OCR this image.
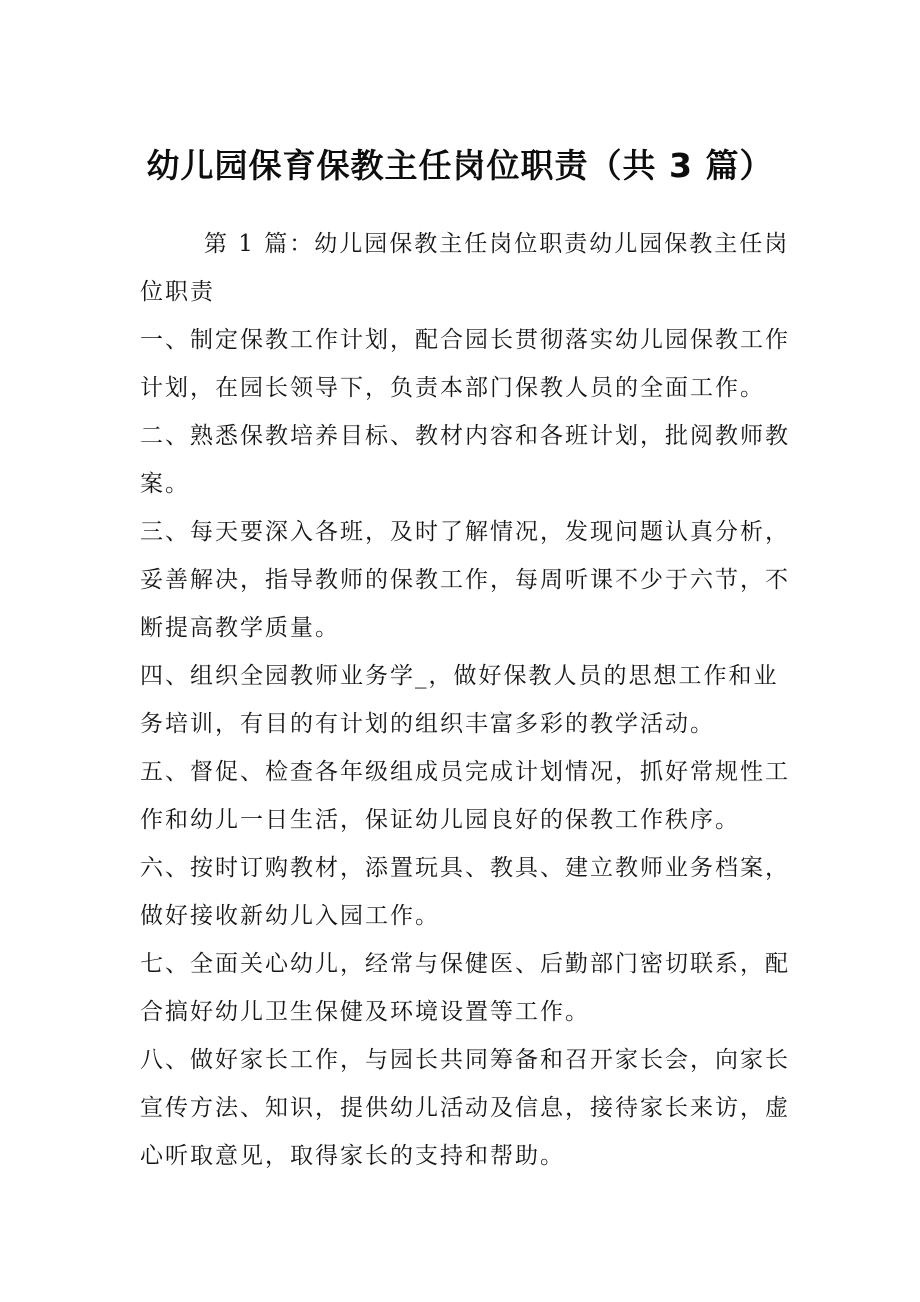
幼儿园保育保教主任岗位职责（共 3 篇）
第 1 篇：幼儿园保教主任岗位职责幼儿园保教主任岗
位职责
一、制定保教工作计划，配合园长贯彻落实幼儿园保教工作
计划，在园长领导下，负责本部门保教人员的全面工作。
二、熟悉保教培养目标、教材内容和各班计划，批阅教师教
案。
三、每天要深入各班，及时了解情况，发现问题认真分析，
妥善解决，指导教师的保教工作，每周听课不少于六节，不
断提高教学质量。
四、组织全园教师业务学_，做好保教人员的思想工作和业
务培训，有目的有计划的组织丰富多彩的教学活动。
五、督促、检查各年级组成员完成计划情况，抓好常规性工
作和幼儿一日生活，保证幼儿园良好的保教工作秩序。
六、按时订购教材，添置玩具、教具、建立教师业务档案，
做好接收新幼儿入园工作。
七、全面关心幼儿，经常与保健医、后勤部门密切联系，配
合搞好幼儿卫生保健及环境设置等工作。
八、做好家长工作，与园长共同筹备和召开家长会，向家长
宣传方法、知识，提供幼儿活动及信息，接待家长来访，虚
心听取意见，取得家长的支持和帮助。
